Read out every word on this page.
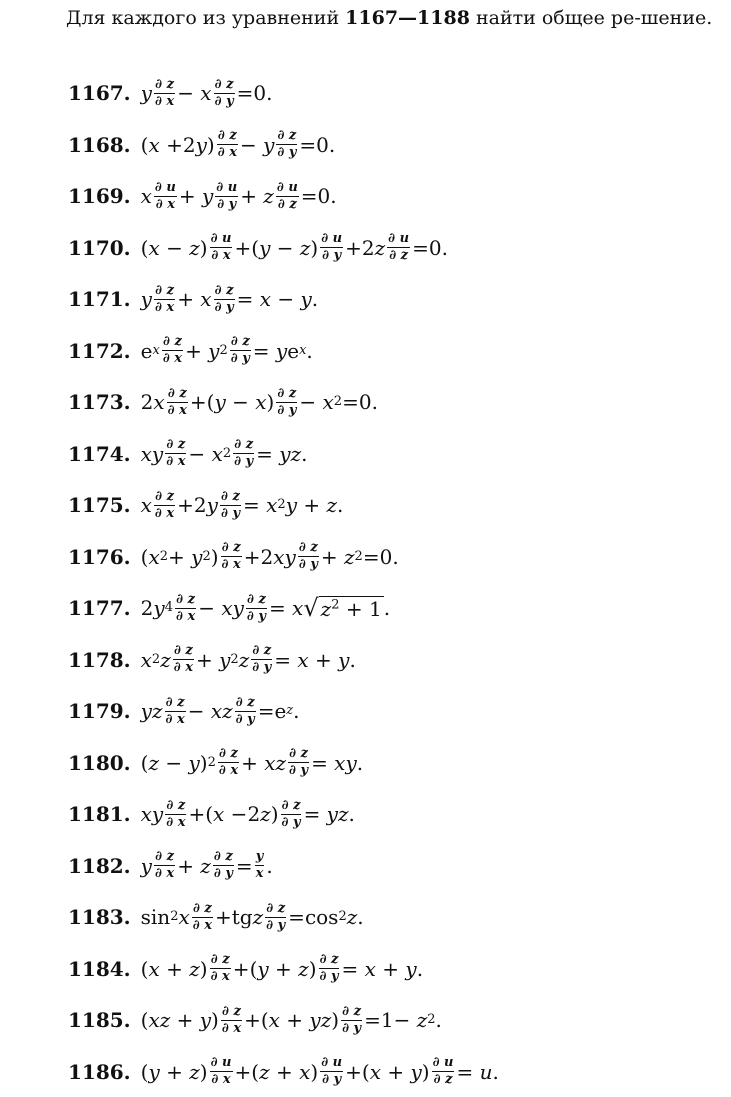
Для каждого из уравнений 1167—1188 найти общее ре-шение.

1167. y ∂ z
∂ x − x ∂ z
∂ y = 0 .
1168. ( x + 2 y ) ∂ z
∂ x − y ∂ z
∂ y = 0 .
1169. x ∂ u
∂ x + y ∂ u
∂ y + z ∂ u
∂ z = 0 .
1170. ( x − z ) ∂ u
∂ x + ( y − z ) ∂ u
∂ y + 2 z ∂ u
∂ z = 0 .
1171. y ∂ z
∂ x + x ∂ z
∂ y = x − y .
1172. e x
∂ z
∂ x + y 2
∂ z
∂ y = y e x .
1173. 2 x ∂ z
∂ x + ( y − x ) ∂ z
∂ y − x 2 = 0 .
1174. xy ∂ z
∂ x − x 2
∂ z
∂ y = yz .
1175. x ∂ z
∂ x + 2 y ∂ z
∂ y = x 2 y + z .
1176. ( x 2 + y 2 ) ∂ z
∂ x + 2 xy ∂ z
∂ y + z 2 = 0 .
1177. 2 y 4
∂ z
∂ x − xy ∂ z
∂ y = x √ $z^2 + 1$ .
1178. x 2 z ∂ z
∂ x + y 2 z ∂ z
∂ y = x + y .
1179. yz ∂ z
∂ x − xz ∂ z
∂ y = e z .
1180. ( z − y ) 2
∂ z
∂ x + xz ∂ z
∂ y = xy .
1181. xy ∂ z
∂ x + ( x − 2 z ) ∂ z
∂ y = yz .
1182. y ∂ z
∂ x + z ∂ z
∂ y = y
x .
1183. sin 2 x ∂ z
∂ x + tg z ∂ z
∂ y = cos 2 z .
1184. ( x + z ) ∂ z
∂ x + ( y + z ) ∂ z
∂ y = x + y .
1185. ( xz + y ) ∂ z
∂ x + ( x + yz ) ∂ z
∂ y = 1 − z 2 .
1186. ( y + z ) ∂ u
∂ x + ( z + x ) ∂ u
∂ y + ( x + y ) ∂ u
∂ z = u .
